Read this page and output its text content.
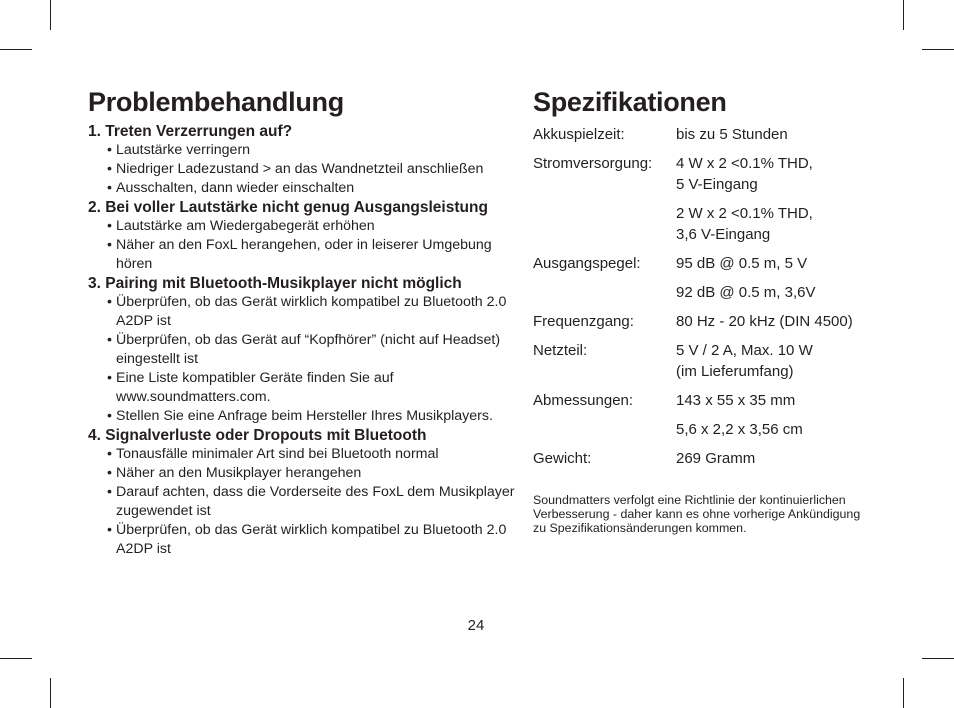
Problembehandlung

1. Treten Verzerrungen auf?

• Lautstärke verringern
• Niedriger Ladezustand > an das Wandnetzteil anschließen
• Ausschalten, dann wieder einschalten

2. Bei voller Lautstärke nicht genug Ausgangsleistung

• Lautstärke am Wiedergabegerät erhöhen
• Näher an den FoxL herangehen, oder in leiserer Umgebung hören

3. Pairing mit Bluetooth-Musikplayer nicht möglich

• Überprüfen, ob das Gerät wirklich kompatibel zu Bluetooth 2.0 A2DP ist
• Überprüfen, ob das Gerät auf “Kopfhörer” (nicht auf Headset) eingestellt ist
• Eine Liste kompatibler Geräte finden Sie auf www.soundmatters.com.
• Stellen Sie eine Anfrage beim Hersteller Ihres Musikplayers.

4. Signalverluste oder Dropouts mit Bluetooth

• Tonausfälle minimaler Art sind bei Bluetooth normal
• Näher an den Musikplayer herangehen
• Darauf achten, dass die Vorderseite des FoxL dem Musikplayer zugewendet ist
• Überprüfen, ob das Gerät wirklich kompatibel zu Bluetooth 2.0 A2DP ist
Spezifikationen
Akkuspielzeit:	bis zu 5 Stunden
Stromversorgung:	4 W x 2 <0.1% THD,
5 V-Eingang
2 W x 2 <0.1% THD,
3,6 V-Eingang
Ausgangspegel:	95 dB @ 0.5 m, 5 V
92 dB @ 0.5 m, 3,6V
Frequenzgang:	80 Hz - 20 kHz (DIN 4500)
Netzteil:	5 V / 2 A, Max. 10 W
(im Lieferumfang)
Abmessungen:	143 x 55 x 35 mm
5,6 x 2,2 x 3,56 cm
Gewicht:	269 Gramm

Soundmatters verfolgt eine Richtlinie der kontinuierlichen Verbesserung - daher kann es ohne vorherige Ankündigung zu Spezifikationsänderungen kommen.

24
